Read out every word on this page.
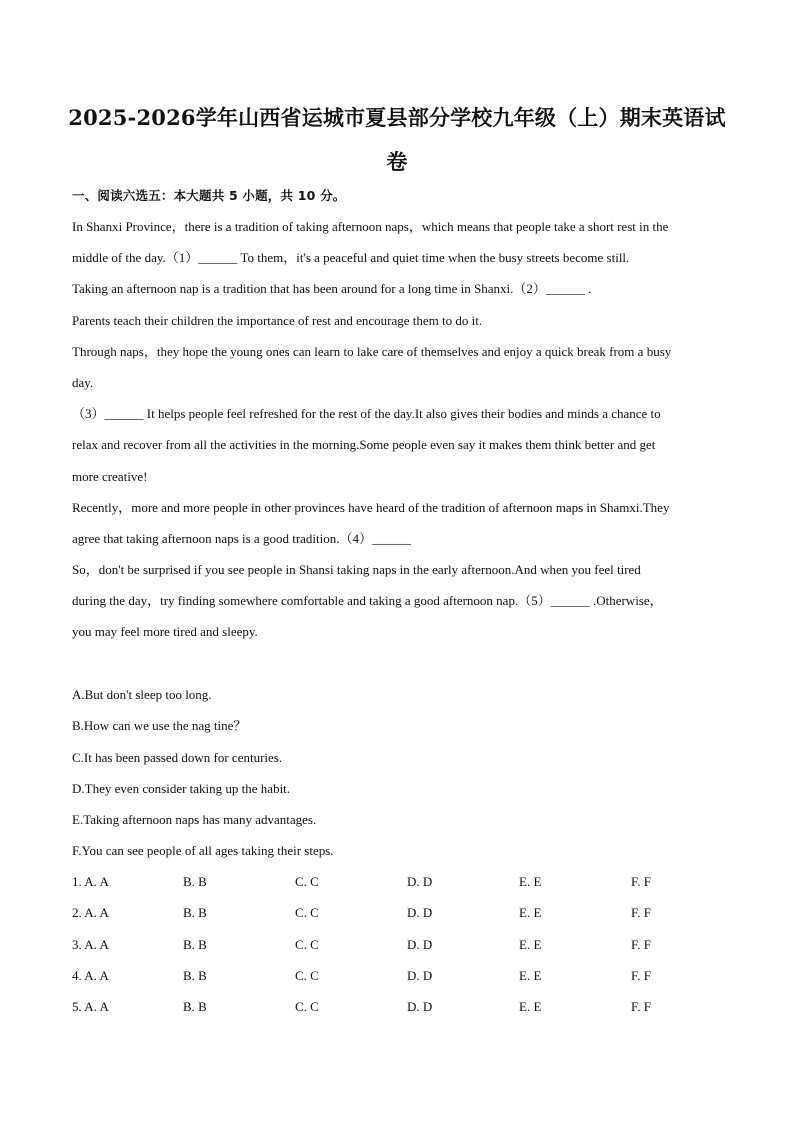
2025-2026学年山西省运城市夏县部分学校九年级（上）期末英语试
卷
一、阅读六选五：本大题共 5 小题，共 10 分。
In Shanxi Province，there is a tradition of taking afternoon naps，which means that people take a short rest in the
middle of the day.（1）______ To them，it's a peaceful and quiet time when the busy streets become still.
Taking an afternoon nap is a tradition that has been around for a long time in Shanxi.（2）______ .
Parents teach their children the importance of rest and encourage them to do it.
Through naps，they hope the young ones can learn to lake care of themselves and enjoy a quick break from a busy
day.
（3）______ It helps people feel refreshed for the rest of the day.It also gives their bodies and minds a chance to
relax and recover from all the activities in the morning.Some people even say it makes them think better and get
more creative!
Recently，more and more people in other provinces have heard of the tradition of afternoon maps in Shamxi.They
agree that taking afternoon naps is a good tradition.（4）______
So，don't be surprised if you see people in Shansi taking naps in the early afternoon.And when you feel tired
during the day，try finding somewhere comfortable and taking a good afternoon nap.（5）______ .Otherwise，
you may feel more tired and sleepy.
A.But don't sleep too long.
B.How can we use the nag tine？
C.It has been passed down for centuries.
D.They even consider taking up the habit.
E.Taking afternoon naps has many advantages.
F.You can see people of all ages taking their steps.
1. A. A	B. B	C. C	D. D	E. E	F. F
2. A. A	B. B	C. C	D. D	E. E	F. F
3. A. A	B. B	C. C	D. D	E. E	F. F
4. A. A	B. B	C. C	D. D	E. E	F. F
5. A. A	B. B	C. C	D. D	E. E	F. F
